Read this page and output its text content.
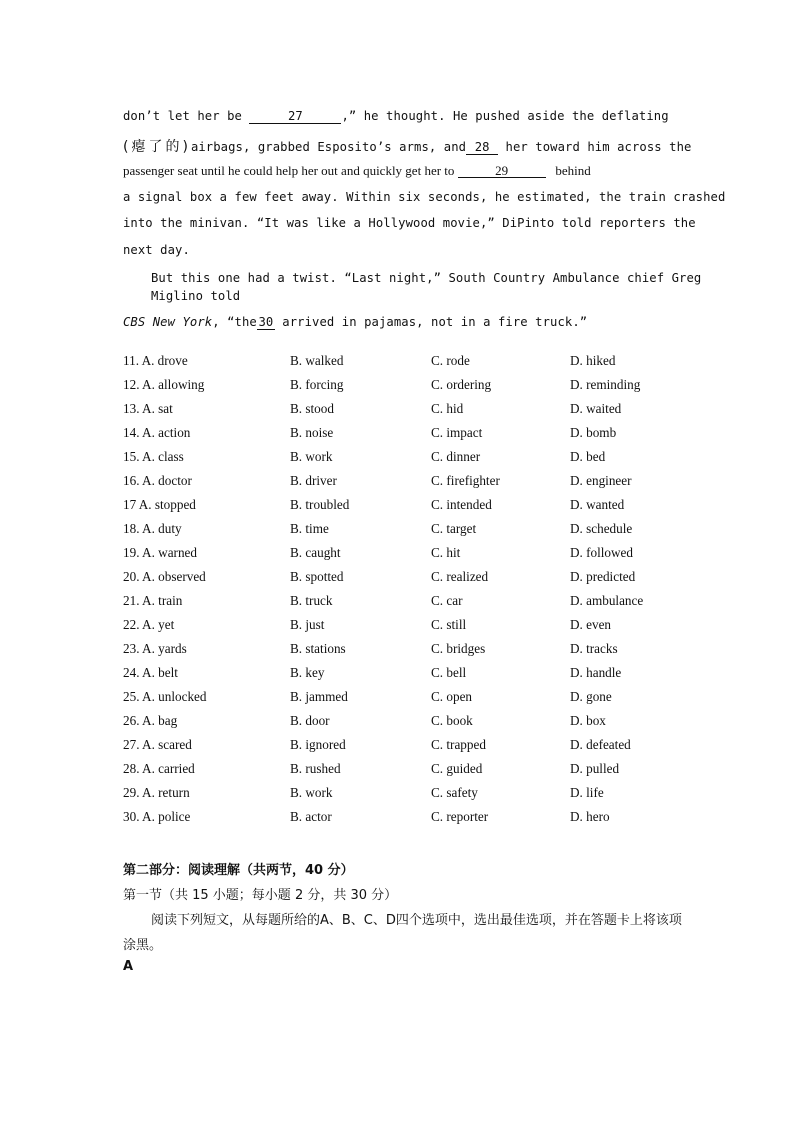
don’t let her be	27	,” he thought. He pushed aside the deflating
(瘪了的)airbags, grabbed Esposito’s arms, and 28 her toward him across the
passenger seat until he could help her out and quickly get her to	29	behind
a signal box a few feet away. Within six seconds, he estimated, the train crashed
into the minivan. “It was like a Hollywood movie,” DiPinto told reporters the
next day.
But this one had a twist. “Last night,” South Country Ambulance chief Greg
Miglino told
CBS New York, “the 30 arrived in pajamas, not in a fire truck.”
11. A. drove	B. walked	C. rode	D. hiked
12. A. allowing	B. forcing	C. ordering	D. reminding
13. A. sat	B. stood	C. hid	D. waited
14. A. action	B. noise	C. impact	D. bomb
15. A. class	B. work	C. dinner	D. bed
16. A. doctor	B. driver	C. firefighter	D. engineer
17 A. stopped	B. troubled	C. intended	D. wanted
18. A. duty	B. time	C. target	D. schedule
19. A. warned	B. caught	C. hit	D. followed
20. A. observed	B. spotted	C. realized	D. predicted
21. A. train	B. truck	C. car	D. ambulance
22. A. yet	B. just	C. still	D. even
23. A. yards	B. stations	C. bridges	D. tracks
24. A. belt	B. key	C. bell	D. handle
25. A. unlocked	B. jammed	C. open	D. gone
26. A. bag	B. door	C. book	D. box
27. A. scared	B. ignored	C. trapped	D. defeated
28. A. carried	B. rushed	C. guided	D. pulled
29. A. return	B. work	C. safety	D. life
30. A. police	B. actor	C. reporter	D. hero
第二部分：阅读理解（共两节，40 分）
第一节（共 15 小题；每小题 2 分，共 30 分）
阅读下列短文，从每题所给的A、B、C、D四个选项中，选出最佳选项，并在答题卡上将该项
涂黑。
A
